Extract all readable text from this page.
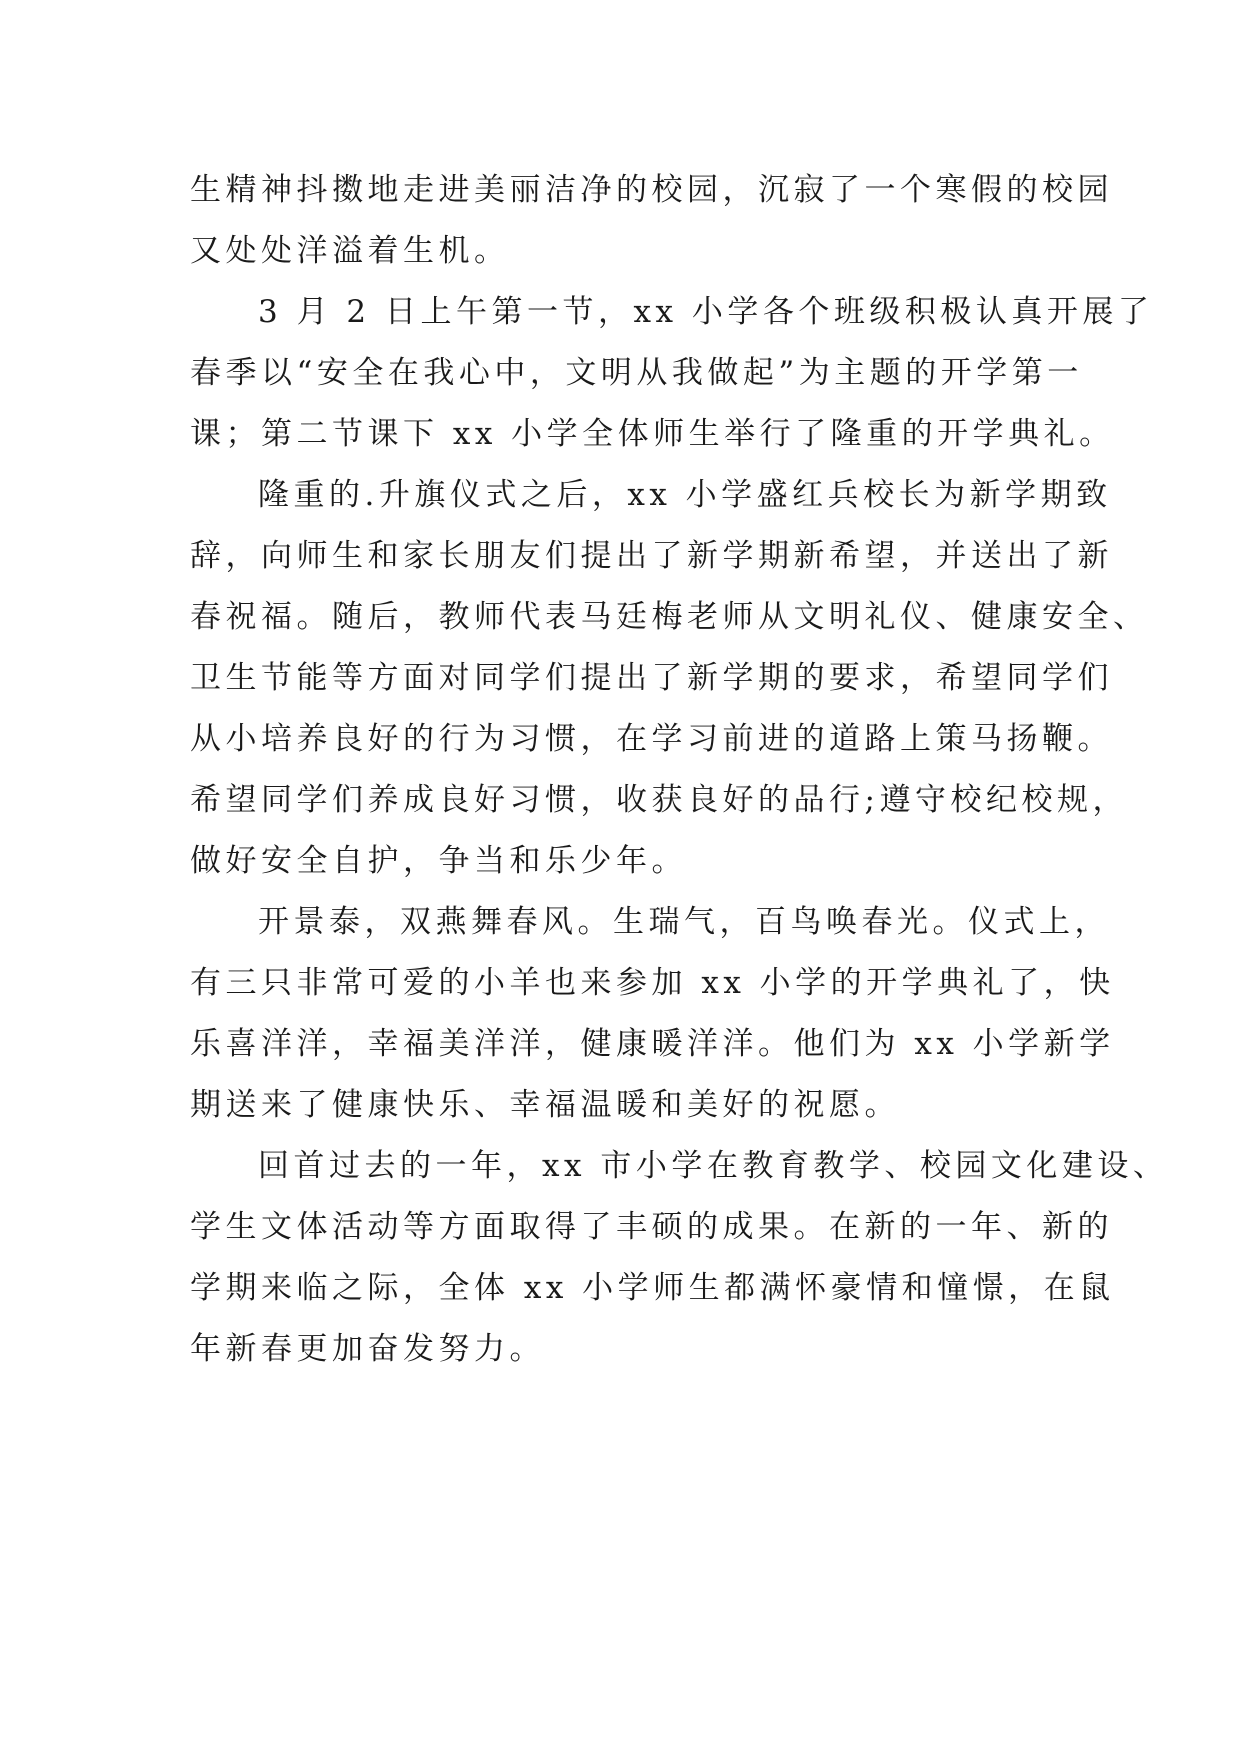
生精神抖擞地走进美丽洁净的校园，沉寂了一个寒假的校园
又处处洋溢着生机。

3 月 2 日上午第一节，xx 小学各个班级积极认真开展了
春季以“安全在我心中，文明从我做起”为主题的开学第一
课；第二节课下 xx 小学全体师生举行了隆重的开学典礼。

隆重的.升旗仪式之后，xx 小学盛红兵校长为新学期致
辞，向师生和家长朋友们提出了新学期新希望，并送出了新
春祝福。随后，教师代表马廷梅老师从文明礼仪、健康安全、
卫生节能等方面对同学们提出了新学期的要求，希望同学们
从小培养良好的行为习惯，在学习前进的道路上策马扬鞭。
希望同学们养成良好习惯，收获良好的品行;遵守校纪校规，
做好安全自护，争当和乐少年。

开景泰，双燕舞春风。生瑞气，百鸟唤春光。仪式上，
有三只非常可爱的小羊也来参加 xx 小学的开学典礼了，快
乐喜洋洋，幸福美洋洋，健康暖洋洋。他们为 xx 小学新学
期送来了健康快乐、幸福温暖和美好的祝愿。

回首过去的一年，xx 市小学在教育教学、校园文化建设、
学生文体活动等方面取得了丰硕的成果。在新的一年、新的
学期来临之际，全体 xx 小学师生都满怀豪情和憧憬，在鼠
年新春更加奋发努力。
